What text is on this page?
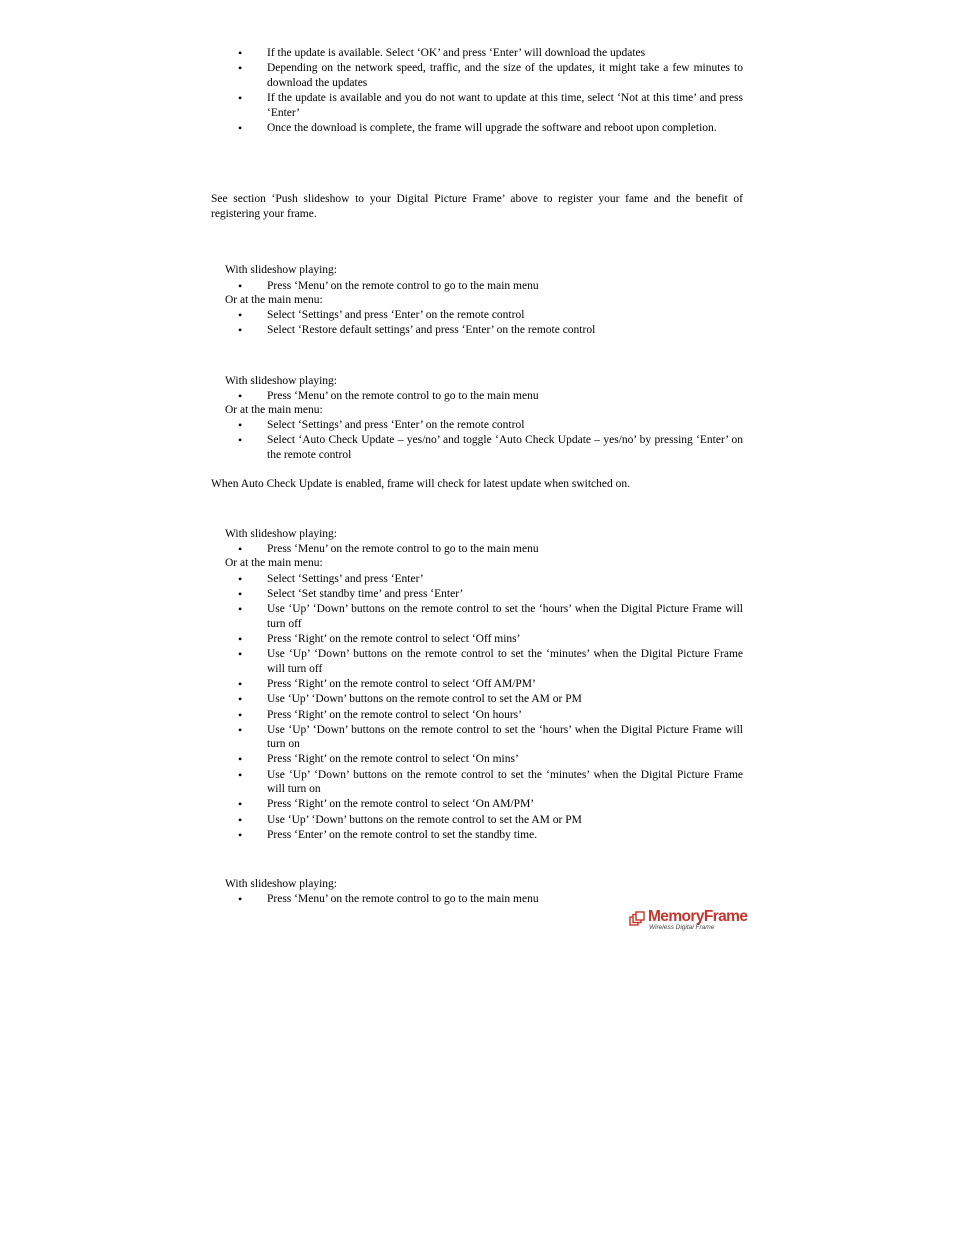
• If the update is available. Select ‘OK’ and press ‘Enter’ will download the updates
• Depending on the network speed, traffic, and the size of the updates, it might take a few minutes to download the updates
• If the update is available and you do not want to update at this time, select ‘Not at this time’ and press ‘Enter’
• Once the download is complete, the frame will upgrade the software and reboot upon completion.
See section ‘Push slideshow to your Digital Picture Frame’ above to register your fame and the benefit of registering your frame.
With slideshow playing:
• Press ‘Menu’ on the remote control to go to the main menu
Or at the main menu:
• Select ‘Settings’ and press ‘Enter’ on the remote control
• Select ‘Restore default settings’ and press ‘Enter’ on the remote control
With slideshow playing:
• Press ‘Menu’ on the remote control to go to the main menu
Or at the main menu:
• Select ‘Settings’ and press ‘Enter’ on the remote control
• Select ‘Auto Check Update – yes/no’ and toggle ‘Auto Check Update – yes/no’ by pressing ‘Enter’ on the remote control
When Auto Check Update is enabled, frame will check for latest update when switched on.
With slideshow playing:
• Press ‘Menu’ on the remote control to go to the main menu
Or at the main menu:
• Select ‘Settings’ and press ‘Enter’
• Select ‘Set standby time’ and press ‘Enter’
• Use ‘Up’ ‘Down’ buttons on the remote control to set the ‘hours’ when the Digital Picture Frame will turn off
• Press ‘Right’ on the remote control to select ‘Off mins’
• Use ‘Up’ ‘Down’ buttons on the remote control to set the ‘minutes’ when the Digital Picture Frame will turn off
• Press ‘Right’ on the remote control to select ‘Off AM/PM’
• Use ‘Up’ ‘Down’ buttons on the remote control to set the AM or PM
• Press ‘Right’ on the remote control to select ‘On hours’
• Use ‘Up’ ‘Down’ buttons on the remote control to set the ‘hours’ when the Digital Picture Frame will turn on
• Press ‘Right’ on the remote control to select ‘On mins’
• Use ‘Up’ ‘Down’ buttons on the remote control to set the ‘minutes’ when the Digital Picture Frame will turn on
• Press ‘Right’ on the remote control to select ‘On AM/PM’
• Use ‘Up’ ‘Down’ buttons on the remote control to set the AM or PM
• Press ‘Enter’ on the remote control to set the standby time.
With slideshow playing:
• Press ‘Menu’ on the remote control to go to the main menu
MemoryFrame
Wireless Digital Frame
